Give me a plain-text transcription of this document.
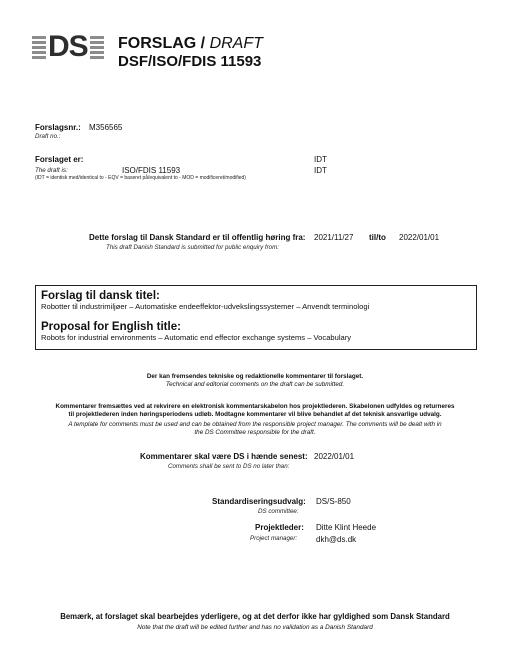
DS FORSLAG / DRAFT
DSF/ISO/FDIS 11593
Forslagsnr.: M356565
Draft no.:
Forslaget er:	IDT
The draft is:	ISO/FDIS 11593	IDT
(IDT = identisk med/identical to - EQV = baseret på/equivalent to - MOD = modificeret/modified)
Dette forslag til Dansk Standard er til offentlig høring fra:
This draft Danish Standard is submitted for public enquiry from:
2021/11/27 til/to 2022/01/01
Forslag til dansk titel:

Robotter til industrimiljøer – Automatiske endeeffektor-udvekslingssystemer – Anvendt terminologi

Proposal for English title:

Robots for industrial environments – Automatic end effector exchange systems – Vocabulary

Der kan fremsendes tekniske og redaktionelle kommentarer til forslaget.
Technical and editorial comments on the draft can be submitted.
Kommentarer fremsættes ved at rekvirere en elektronisk kommentarskabelon hos projektlederen. Skabelonen udfyldes og returneres
til projektlederen inden høringsperiodens udløb. Modtagne kommentarer vil blive behandlet af det teknisk ansvarlige udvalg.
A template for comments must be used and can be obtained from the responsible project manager. The comments will be dealt with in
the DS Committee responsible for the draft.
Kommentarer skal være DS i hænde senest:
Comments shall be sent to DS no later than:
2022/01/01
Standardiseringsudvalg:
DS committee:
DS/S-850
Projektleder:
Project manager:
Ditte Klint Heede
dkh@ds.dk
Bemærk, at forslaget skal bearbejdes yderligere, og at det derfor ikke har gyldighed som Dansk Standard
Note that the draft will be edited further and has no validation as a Danish Standard
